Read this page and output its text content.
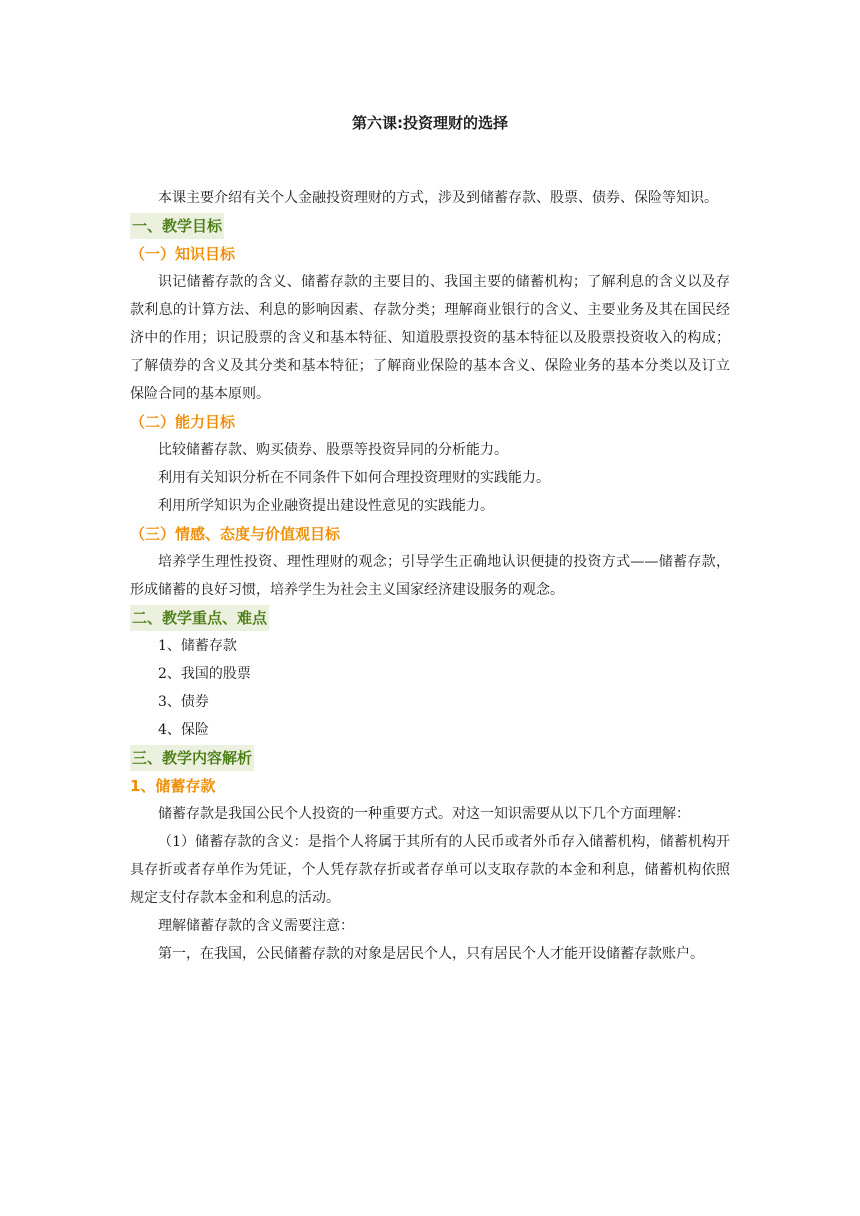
第六课:投资理财的选择

本课主要介绍有关个人金融投资理财的方式，涉及到储蓄存款、股票、债券、保险等知识。

一、教学目标

（一）知识目标

识记储蓄存款的含义、储蓄存款的主要目的、我国主要的储蓄机构；了解利息的含义以及存款利息的计算方法、利息的影响因素、存款分类；理解商业银行的含义、主要业务及其在国民经济中的作用；识记股票的含义和基本特征、知道股票投资的基本特征以及股票投资收入的构成；了解债券的含义及其分类和基本特征；了解商业保险的基本含义、保险业务的基本分类以及订立保险合同的基本原则。

（二）能力目标

比较储蓄存款、购买债券、股票等投资异同的分析能力。

利用有关知识分析在不同条件下如何合理投资理财的实践能力。

利用所学知识为企业融资提出建设性意见的实践能力。

（三）情感、态度与价值观目标

培养学生理性投资、理性理财的观念；引导学生正确地认识便捷的投资方式——储蓄存款，形成储蓄的良好习惯，培养学生为社会主义国家经济建设服务的观念。

二、教学重点、难点

1、储蓄存款

2、我国的股票

3、债券

4、保险

三、教学内容解析

1、储蓄存款

储蓄存款是我国公民个人投资的一种重要方式。对这一知识需要从以下几个方面理解：

（1）储蓄存款的含义：是指个人将属于其所有的人民币或者外币存入储蓄机构，储蓄机构开具存折或者存单作为凭证，个人凭存款存折或者存单可以支取存款的本金和利息，储蓄机构依照规定支付存款本金和利息的活动。

理解储蓄存款的含义需要注意：

第一，在我国，公民储蓄存款的对象是居民个人，只有居民个人才能开设储蓄存款账户。
